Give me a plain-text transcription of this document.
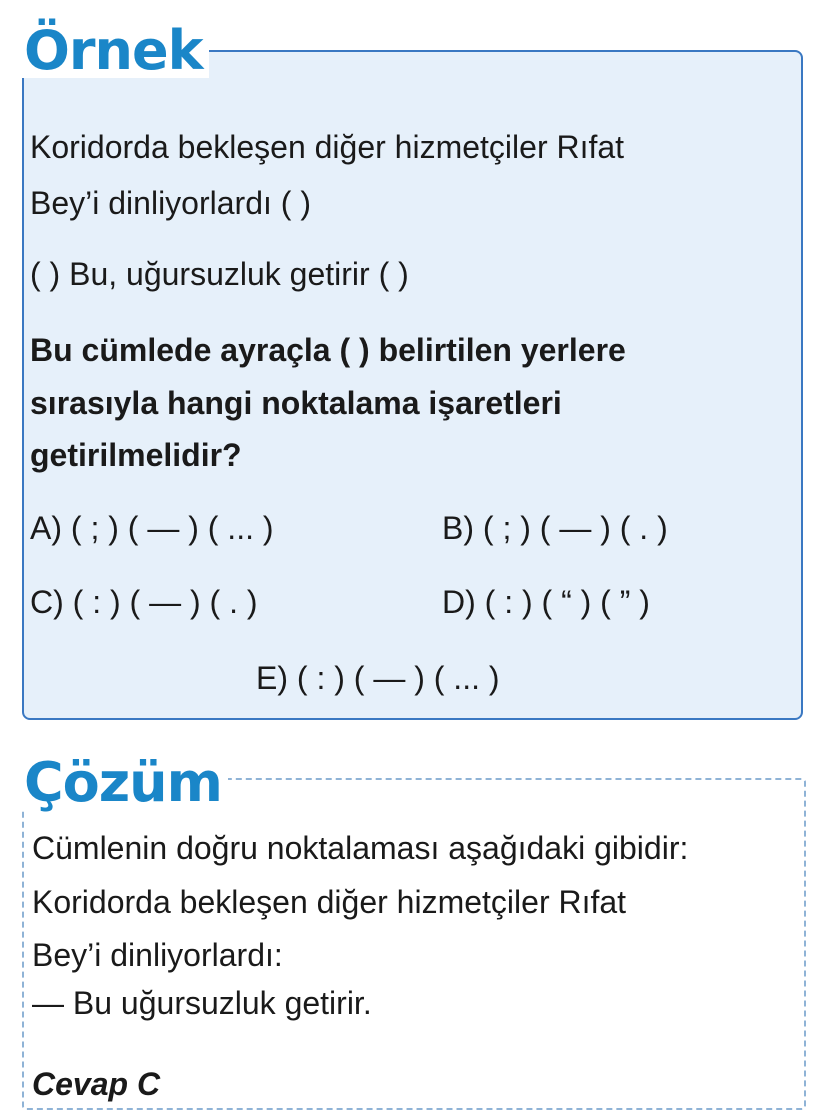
Örnek
Koridorda bekleşen diğer hizmetçiler Rıfat
Bey’i dinliyorlardı ( )
( ) Bu, uğursuzluk getirir ( )
Bu cümlede ayraçla ( ) belirtilen yerlere
sırasıyla hangi noktalama işaretleri
getirilmelidir?
A) ( ; ) ( — ) ( ... )	B) ( ; ) ( — ) ( . )
C) ( : ) ( — ) ( . )	D) ( : ) ( “ ) ( ” )
E) ( : ) ( — ) ( ... )
Çözüm
Cümlenin doğru noktalaması aşağıdaki gibidir:
Koridorda bekleşen diğer hizmetçiler Rıfat
Bey’i dinliyorlardı:
— Bu uğursuzluk getirir.
Cevap C
